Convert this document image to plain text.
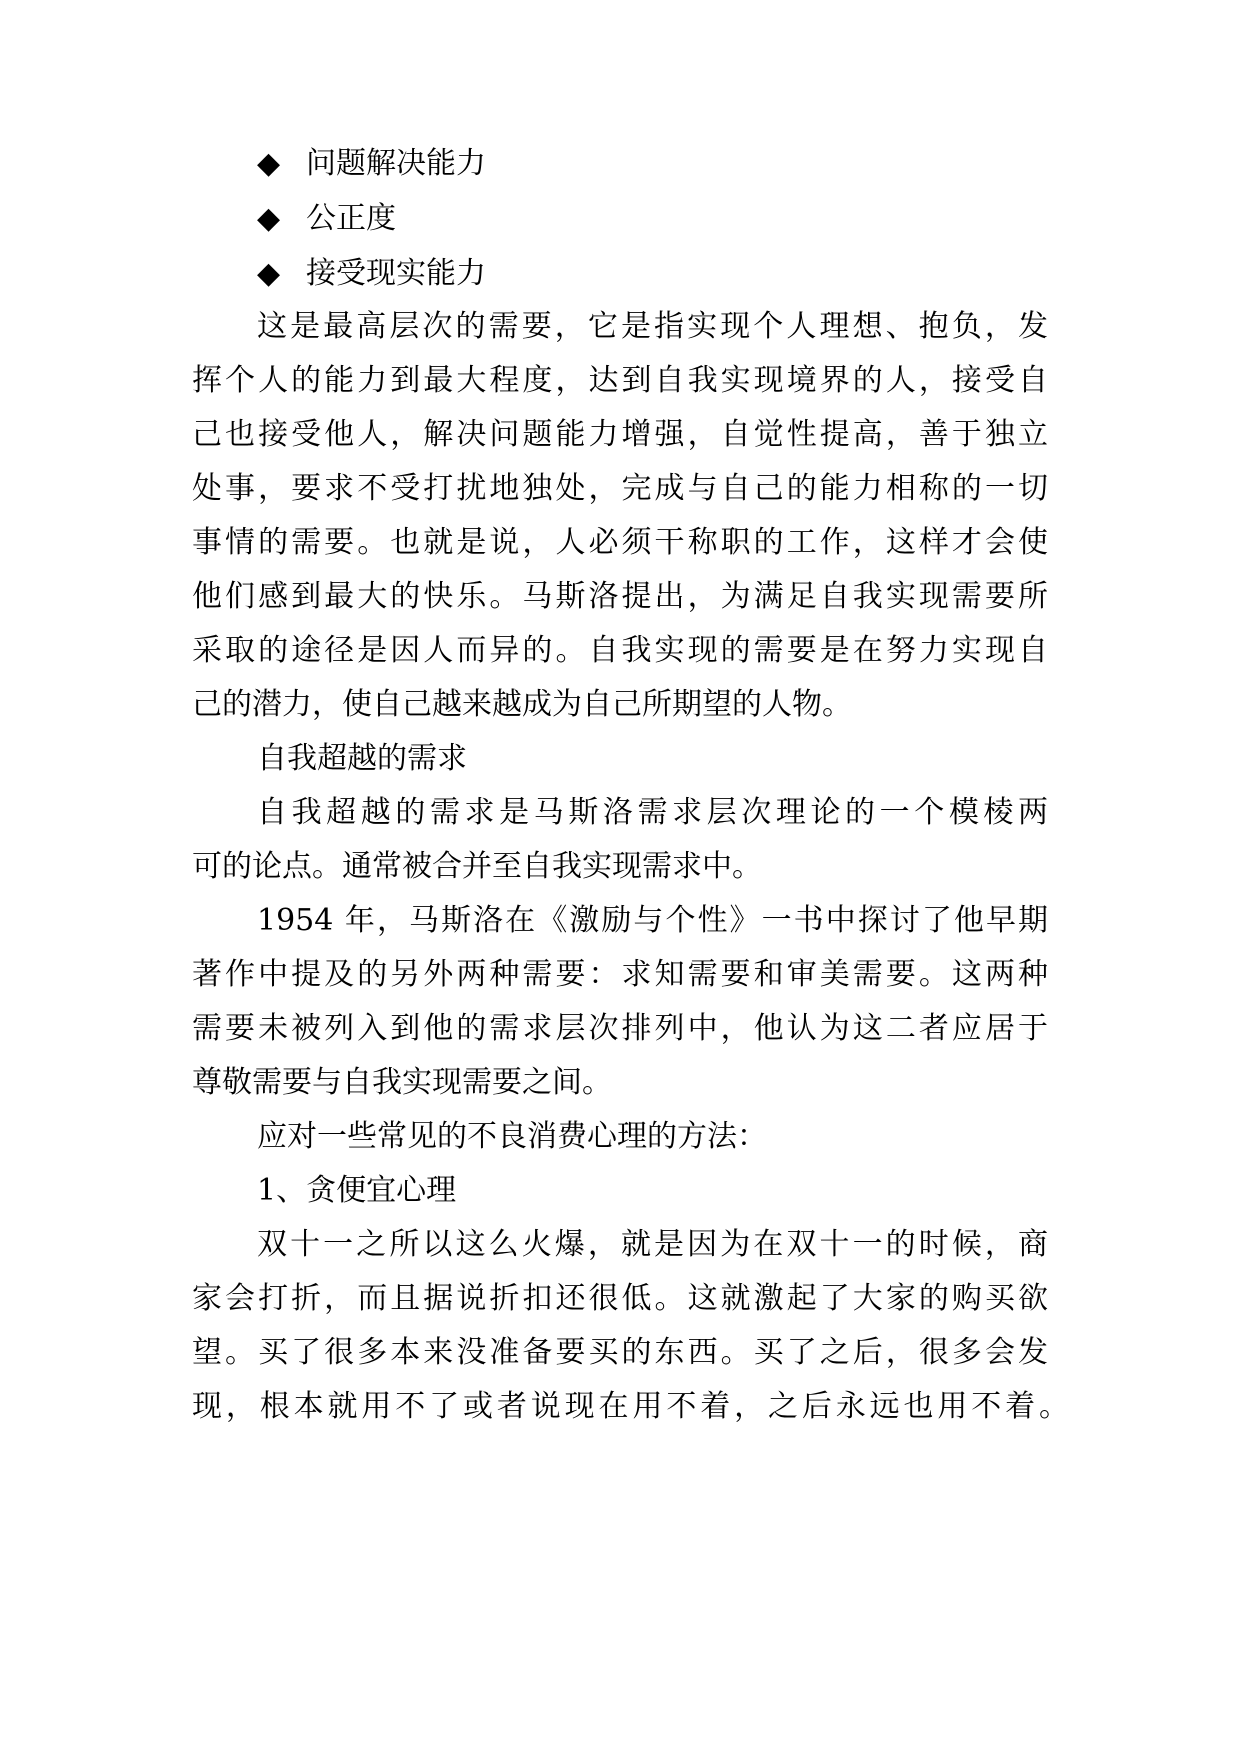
◆ 问题解决能力
◆ 公正度
◆ 接受现实能力
这是最高层次的需要，它是指实现个人理想、抱负，发
挥个人的能力到最大程度，达到自我实现境界的人，接受自
己也接受他人，解决问题能力增强，自觉性提高，善于独立
处事，要求不受打扰地独处，完成与自己的能力相称的一切
事情的需要。也就是说，人必须干称职的工作，这样才会使
他们感到最大的快乐。马斯洛提出，为满足自我实现需要所
采取的途径是因人而异的。自我实现的需要是在努力实现自
己的潜力，使自己越来越成为自己所期望的人物。
自我超越的需求
自我超越的需求是马斯洛需求层次理论的一个模棱两
可的论点。通常被合并至自我实现需求中。
1954 年，马斯洛在《激励与个性》一书中探讨了他早期
著作中提及的另外两种需要：求知需要和审美需要。这两种
需要未被列入到他的需求层次排列中，他认为这二者应居于
尊敬需要与自我实现需要之间。
应对一些常见的不良消费心理的方法：
1、贪便宜心理
双十一之所以这么火爆，就是因为在双十一的时候，商
家会打折，而且据说折扣还很低。这就激起了大家的购买欲
望。买了很多本来没准备要买的东西。买了之后，很多会发
现，根本就用不了或者说现在用不着，之后永远也用不着。
